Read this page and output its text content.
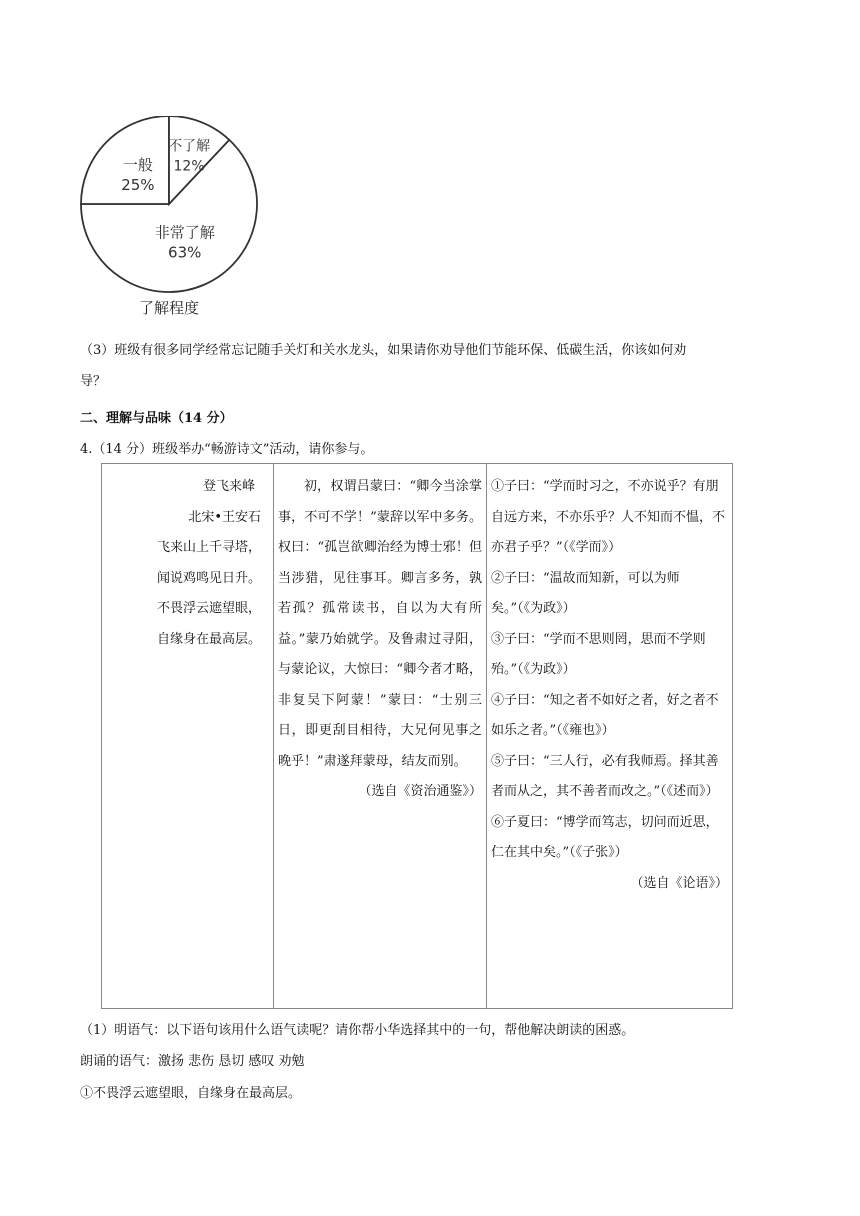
非常了解
63%
一般
25%
不了解
12%
了解程度
（3）班级有很多同学经常忘记随手关灯和关水龙头，如果请你劝导他们节能环保、低碳生活，你该如何劝
导？
二、理解与品味（14 分）
4.（14 分）班级举办“畅游诗文”活动，请你参与。
登飞来峰
北宋•王安石
飞来山上千寻塔，
闻说鸡鸣见日升。
不畏浮云遮望眼，
自缘身在最高层。

初，权谓吕蒙曰：“卿今当涂掌事，不可不学！”蒙辞以军中多务。权曰：“孤岂欲卿治经为博士邪！但当涉猎，见往事耳。卿言多务，孰若孤？孤常读书，自以为大有所益。”蒙乃始就学。及鲁肃过寻阳，与蒙论议，大惊曰：“卿今者才略，非复吴下阿蒙！”蒙曰：“士别三日，即更刮目相待，大兄何见事之晚乎！”肃遂拜蒙母，结友而别。
（选自《资治通鉴》）

①子曰：“学而时习之，不亦说乎？有朋自远方来，不亦乐乎？人不知而不愠，不亦君子乎？”（《学而》）
②子曰：“温故而知新，可以为师矣。”（《为政》）
③子曰：“学而不思则罔，思而不学则殆。”（《为政》）
④子曰：“知之者不如好之者，好之者不如乐之者。”（《雍也》）
⑤子曰：“三人行，必有我师焉。择其善者而从之，其不善者而改之。”（《述而》）
⑥子夏曰：“博学而笃志，切问而近思，仁在其中矣。”（《子张》）
（选自《论语》）
（1）明语气：以下语句该用什么语气读呢？请你帮小华选择其中的一句，帮他解决朗读的困惑。
朗诵的语气：激扬 悲伤 恳切 感叹 劝勉
①不畏浮云遮望眼，自缘身在最高层。
